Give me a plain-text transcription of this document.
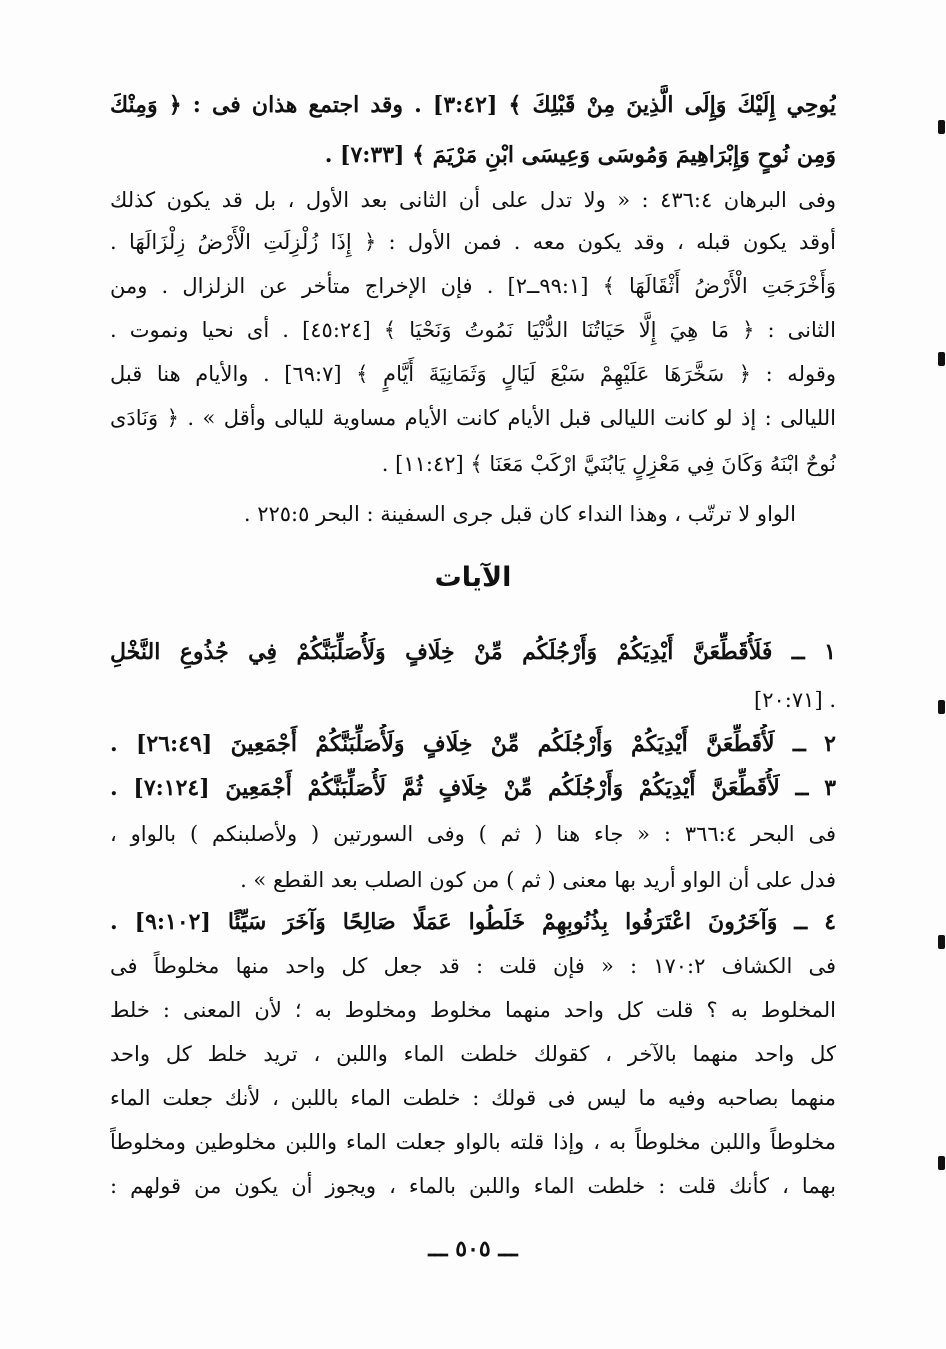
يُوحِي إِلَيْكَ وَإِلَى الَّذِينَ مِنْ قَبْلِكَ ﴾ [٣:٤٢] . وقد اجتمع هذان فى : ﴿ وَمِنْكَ
وَمِن نُوحٍ وَإِبْرَاهِيمَ وَمُوسَى وَعِيسَى ابْنِ مَرْيَمَ ﴾ [٧:٣٣] .
وفى البرهان ٤٣٦:٤ : « ولا تدل على أن الثانى بعد الأول ، بل قد يكون كذلك
أوقد يكون قبله ، وقد يكون معه . فمن الأول : ﴿ إِذَا زُلْزِلَتِ الْأَرْضُ زِلْزَالَهَا .
وَأَخْرَجَتِ الْأَرْضُ أَثْقَالَهَا ﴾ [٩٩:١ــ٢] . فإن الإخراج متأخر عن الزلزال . ومن
الثانى : ﴿ مَا هِيَ إِلَّا حَيَاتُنَا الدُّنْيَا نَمُوتُ وَنَحْيَا ﴾ [٤٥:٢٤] . أى نحيا ونموت .
وقوله : ﴿ سَخَّرَهَا عَلَيْهِمْ سَبْعَ لَيَالٍ وَثَمَانِيَةَ أَيَّامٍ ﴾ [٦٩:٧] . والأيام هنا قبل
الليالى : إذ لو كانت الليالى قبل الأيام كانت الأيام مساوية لليالى وأقل » . ﴿ وَنَادَى
نُوحٌ ابْنَهُ وَكَانَ فِي مَعْزِلٍ يَابُنَيَّ ارْكَبْ مَعَنَا ﴾ [١١:٤٢] .
الواو لا ترتّب ، وهذا النداء كان قبل جرى السفينة : البحر ٢٢٥:٥ .
الآيات
١ ــ فَلَأُقَطِّعَنَّ أَيْدِيَكُمْ وَأَرْجُلَكُم مِّنْ خِلَافٍ وَلَأُصَلِّبَنَّكُمْ فِي جُذُوعِ النَّخْلِ
. [٢٠:٧١]
٢ ــ لَأُقَطِّعَنَّ أَيْدِيَكُمْ وَأَرْجُلَكُم مِّنْ خِلَافٍ وَلَأُصَلِّبَنَّكُمْ أَجْمَعِينَ [٢٦:٤٩] .
٣ ــ لَأُقَطِّعَنَّ أَيْدِيَكُمْ وَأَرْجُلَكُم مِّنْ خِلَافٍ ثُمَّ لَأُصَلِّبَنَّكُمْ أَجْمَعِينَ [٧:١٢٤] .
فى البحر ٣٦٦:٤ : « جاء هنا ( ثم ) وفى السورتين ( ولأصلبنكم ) بالواو ،
فدل على أن الواو أريد بها معنى ( ثم ) من كون الصلب بعد القطع » .
٤ ــ وَآخَرُونَ اعْتَرَفُوا بِذُنُوبِهِمْ خَلَطُوا عَمَلًا صَالِحًا وَآخَرَ سَيِّئًا [٩:١٠٢] .
فى الكشاف ١٧٠:٢ : « فإن قلت : قد جعل كل واحد منها مخلوطاً فى
المخلوط به ؟ قلت كل واحد منهما مخلوط ومخلوط به ؛ لأن المعنى : خلط
كل واحد منهما بالآخر ، كقولك خلطت الماء واللبن ، تريد خلط كل واحد
منهما بصاحبه وفيه ما ليس فى قولك : خلطت الماء باللبن ، لأنك جعلت الماء
مخلوطاً واللبن مخلوطاً به ، وإذا قلته بالواو جعلت الماء واللبن مخلوطين ومخلوطاً
بهما ، كأنك قلت : خلطت الماء واللبن بالماء ، ويجوز أن يكون من قولهم :
ـــ ٥٠٥ ـــ
